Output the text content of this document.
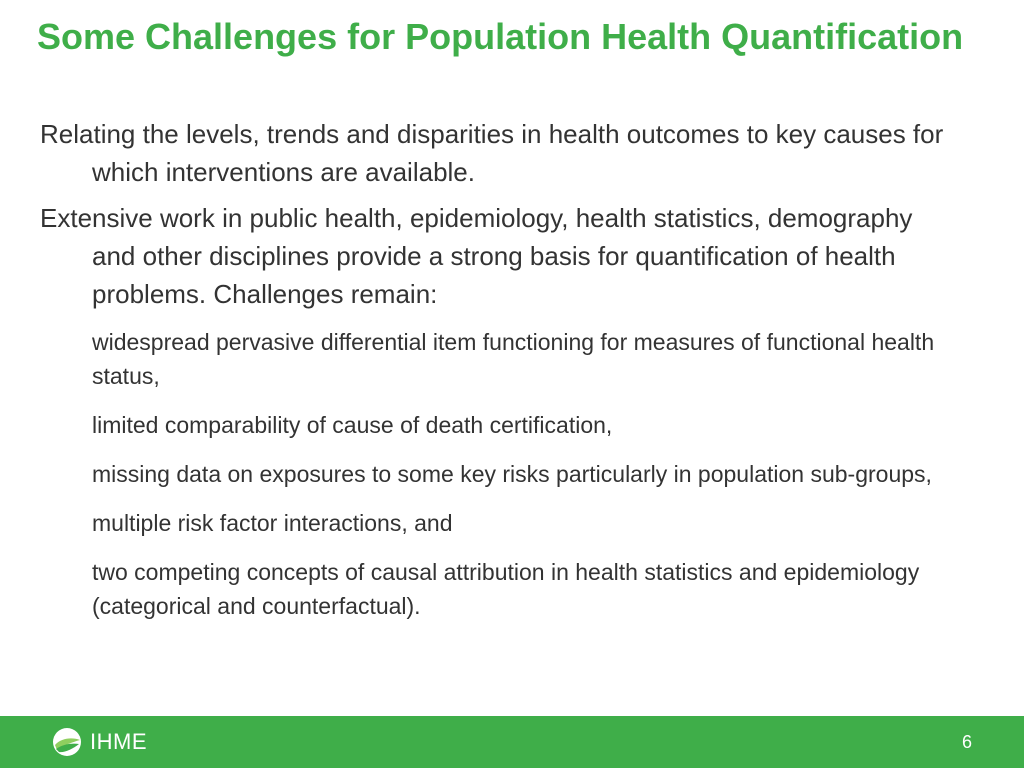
Some Challenges for Population Health Quantification

Relating the levels, trends and disparities in health outcomes to key causes for which interventions are available.

Extensive work in public health, epidemiology, health statistics, demography and other disciplines provide a strong basis for quantification of health problems. Challenges remain:

widespread pervasive differential item functioning for measures of functional health status,

limited comparability of cause of death certification,

missing data on exposures to some key risks particularly in population sub-groups,

multiple risk factor interactions, and

two competing concepts of causal attribution in health statistics and epidemiology (categorical and counterfactual).

IHME	6
